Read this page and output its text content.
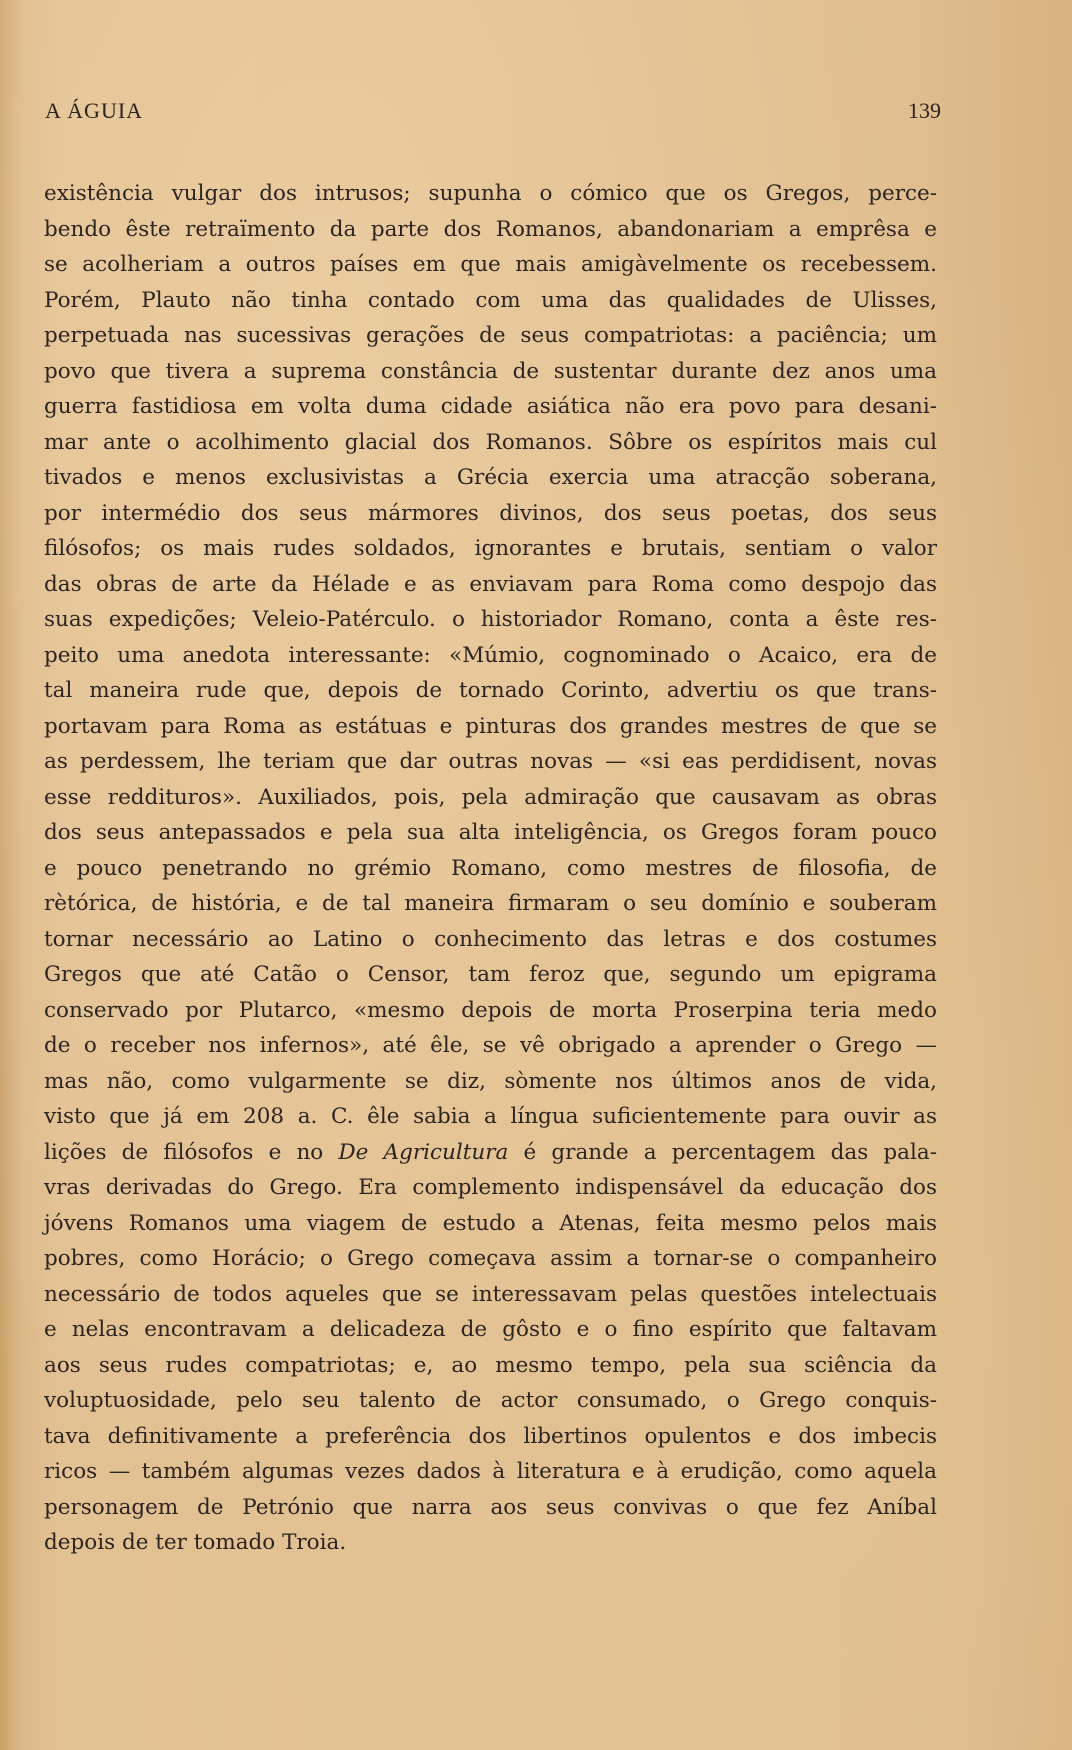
A ÁGUIA	139
existência vulgar dos intrusos; supunha o cómico que os Gregos, perce-
bendo êste retraïmento da parte dos Romanos, abandonariam a emprêsa e
se acolheriam a outros países em que mais amigàvelmente os recebessem.
Porém, Plauto não tinha contado com uma das qualidades de Ulisses,
perpetuada nas sucessivas gerações de seus compatriotas: a paciência; um
povo que tivera a suprema constância de sustentar durante dez anos uma
guerra fastidiosa em volta duma cidade asiática não era povo para desani-
mar ante o acolhimento glacial dos Romanos. Sôbre os espíritos mais cul
tivados e menos exclusivistas a Grécia exercia uma atracção soberana,
por intermédio dos seus mármores divinos, dos seus poetas, dos seus
filósofos; os mais rudes soldados, ignorantes e brutais, sentiam o valor
das obras de arte da Hélade e as enviavam para Roma como despojo das
suas expedições; Veleio-Patérculo. o historiador Romano, conta a êste res-
peito uma anedota interessante: «Múmio, cognominado o Acaico, era de
tal maneira rude que, depois de tornado Corinto, advertiu os que trans-
portavam para Roma as estátuas e pinturas dos grandes mestres de que se
as perdessem, lhe teriam que dar outras novas — «si eas perdidisent, novas
esse reddituros». Auxiliados, pois, pela admiração que causavam as obras
dos seus antepassados e pela sua alta inteligência, os Gregos foram pouco
e pouco penetrando no grémio Romano, como mestres de filosofia, de
rètórica, de história, e de tal maneira firmaram o seu domínio e souberam
tornar necessário ao Latino o conhecimento das letras e dos costumes
Gregos que até Catão o Censor, tam feroz que, segundo um epigrama
conservado por Plutarco, «mesmo depois de morta Proserpina teria medo
de o receber nos infernos», até êle, se vê obrigado a aprender o Grego —
mas não, como vulgarmente se diz, sòmente nos últimos anos de vida,
visto que já em 208 a. C. êle sabia a língua suficientemente para ouvir as
lições de filósofos e no De Agricultura é grande a percentagem das pala-
vras derivadas do Grego. Era complemento indispensável da educação dos
jóvens Romanos uma viagem de estudo a Atenas, feita mesmo pelos mais
pobres, como Horácio; o Grego começava assim a tornar-se o companheiro
necessário de todos aqueles que se interessavam pelas questões intelectuais
e nelas encontravam a delicadeza de gôsto e o fino espírito que faltavam
aos seus rudes compatriotas; e, ao mesmo tempo, pela sua sciência da
voluptuosidade, pelo seu talento de actor consumado, o Grego conquis-
tava definitivamente a preferência dos libertinos opulentos e dos imbecis
ricos — também algumas vezes dados à literatura e à erudição, como aquela
personagem de Petrónio que narra aos seus convivas o que fez Aníbal
depois de ter tomado Troia.
